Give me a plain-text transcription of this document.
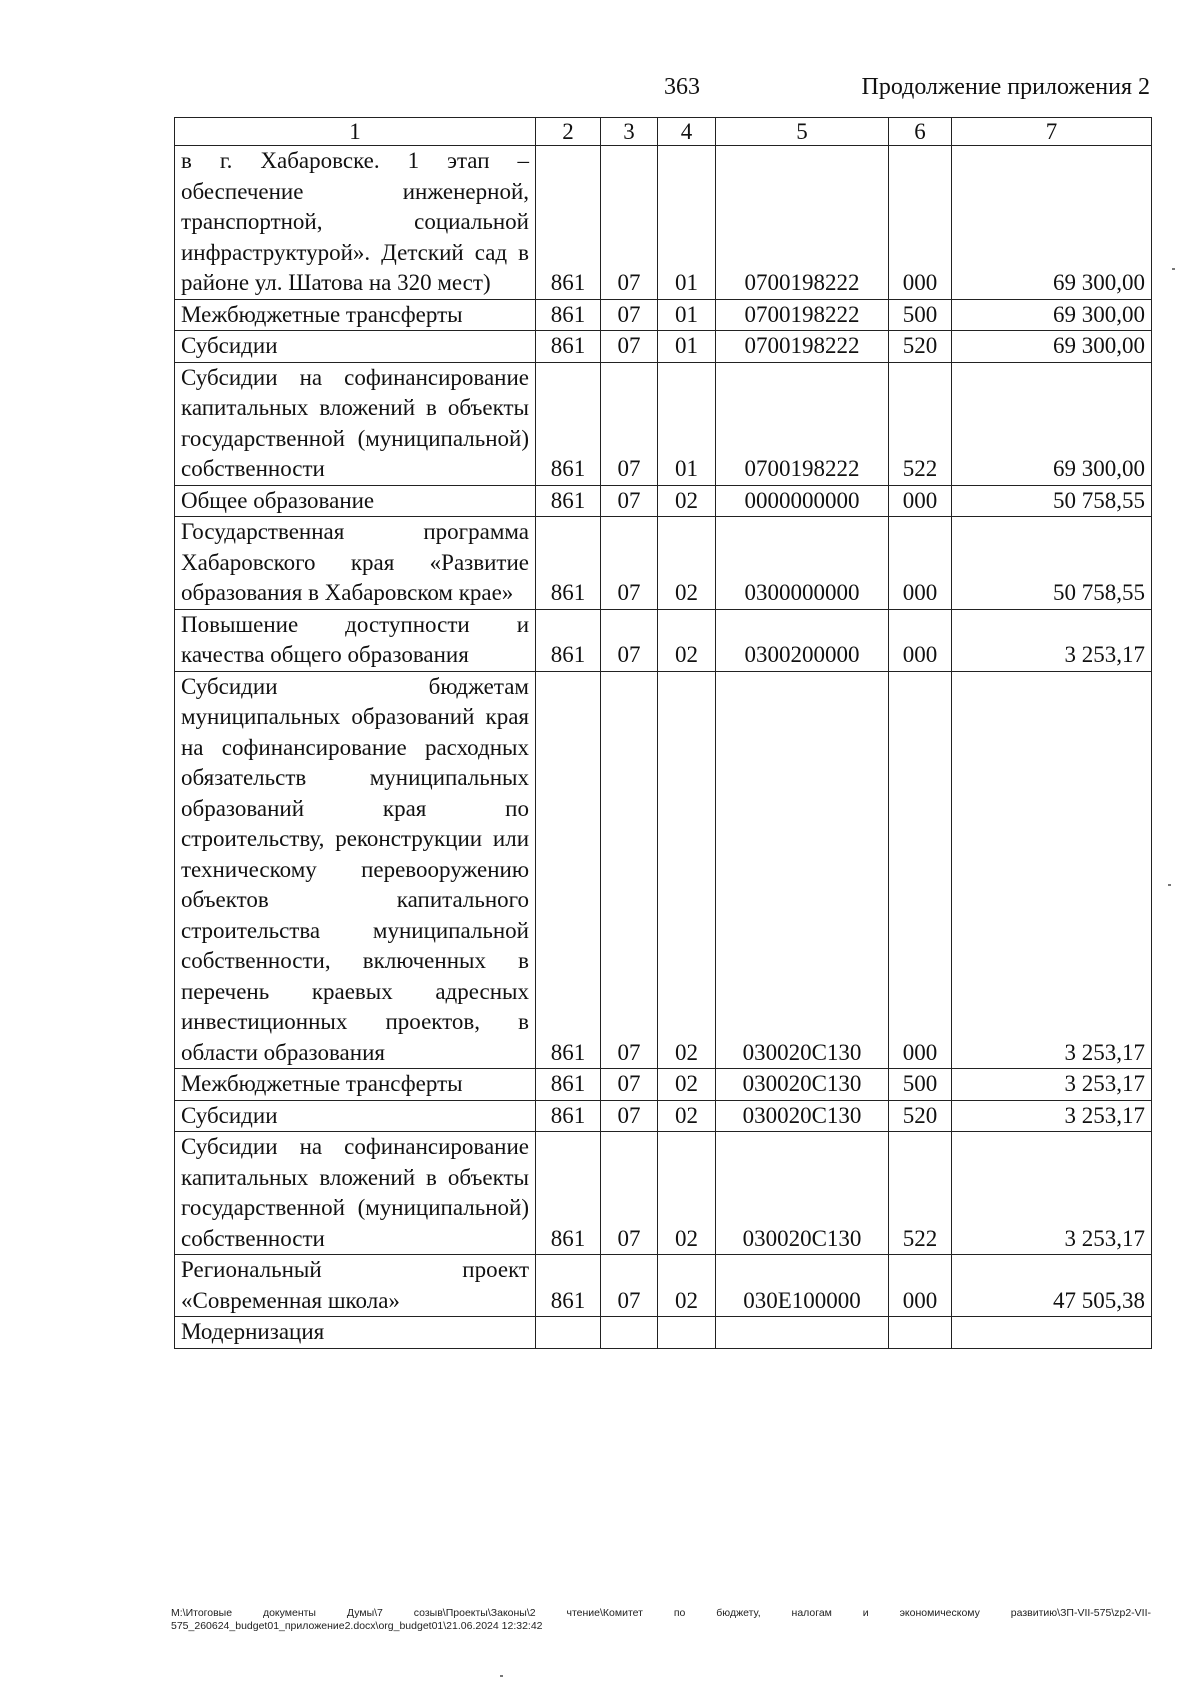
363	Продолжение приложения 2
1	2	3	4	5	6	7
в г. Хабаровске. 1 этап – обеспечение инженерной, транспортной, социальной инфраструктурой». Детский сад в районе ул. Шатова на 320 мест)	861	07	01	0700198222	000	69 300,00
Межбюджетные трансферты	861	07	01	0700198222	500	69 300,00
Субсидии	861	07	01	0700198222	520	69 300,00
Субсидии на софинансирование капитальных вложений в объекты государственной (муниципальной) собственности	861	07	01	0700198222	522	69 300,00
Общее образование	861	07	02	0000000000	000	50 758,55
Государственная программа Хабаровского края «Развитие образования в Хабаровском крае»	861	07	02	0300000000	000	50 758,55
Повышение доступности и качества общего образования	861	07	02	0300200000	000	3 253,17
Субсидии бюджетам муниципальных образований края на софинансирование расходных обязательств муниципальных образований края по строительству, реконструкции или техническому перевооружению объектов капитального строительства муниципальной собственности, включенных в перечень краевых адресных инвестиционных проектов, в области образования	861	07	02	030020C130	000	3 253,17
Межбюджетные трансферты	861	07	02	030020C130	500	3 253,17
Субсидии	861	07	02	030020C130	520	3 253,17
Субсидии на софинансирование капитальных вложений в объекты государственной (муниципальной) собственности	861	07	02	030020C130	522	3 253,17
Региональный проект «Современная школа»	861	07	02	030E100000	000	47 505,38
Модернизация						
M:\Итоговые документы Думы\7 созыв\Проекты\Законы\2 чтение\Комитет по бюджету, налогам и экономическому развитию\ЗП-VII-575\zp2-VII-575_260624_budget01_приложение2.docx\org_budget01\21.06.2024 12:32:42
